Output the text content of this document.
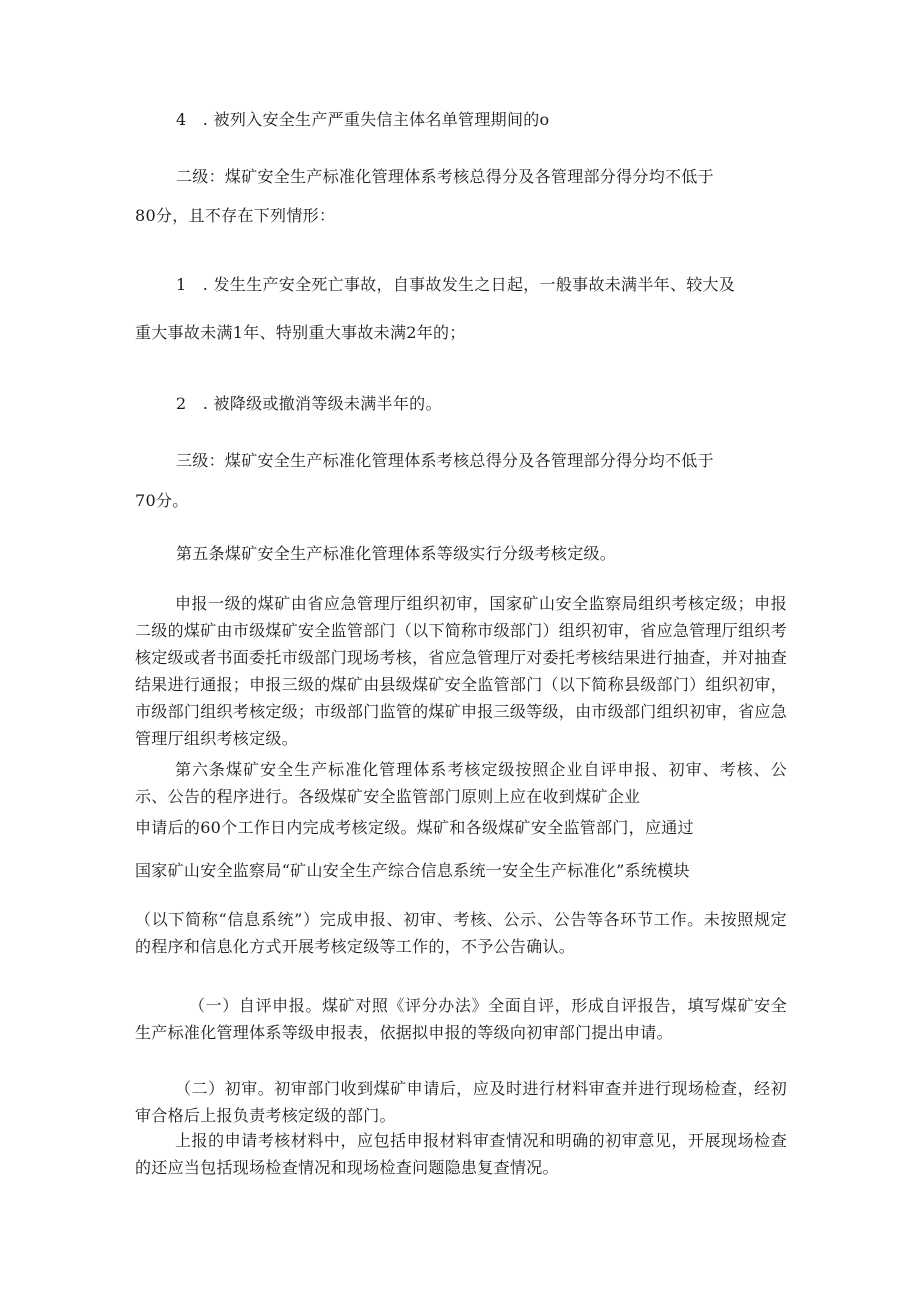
4　. 被列入安全生产严重失信主体名单管理期间的o
二级：煤矿安全生产标准化管理体系考核总得分及各管理部分得分均不低于
80分，且不存在下列情形：
1　. 发生生产安全死亡事故，自事故发生之日起，一般事故未满半年、较大及
重大事故未满1年、特别重大事故未满2年的；
2　. 被降级或撤消等级未满半年的。
三级：煤矿安全生产标准化管理体系考核总得分及各管理部分得分均不低于
70分。
第五条煤矿安全生产标准化管理体系等级实行分级考核定级。
申报一级的煤矿由省应急管理厅组织初审，国家矿山安全监察局组织考核定级；申报二级的煤矿由市级煤矿安全监管部门（以下简称市级部门）组织初审，省应急管理厅组织考核定级或者书面委托市级部门现场考核，省应急管理厅对委托考核结果进行抽查，并对抽查结果进行通报；申报三级的煤矿由县级煤矿安全监管部门（以下简称县级部门）组织初审，市级部门组织考核定级；市级部门监管的煤矿申报三级等级，由市级部门组织初审，省应急管理厅组织考核定级。
第六条煤矿安全生产标准化管理体系考核定级按照企业自评申报、初审、考核、公示、公告的程序进行。各级煤矿安全监管部门原则上应在收到煤矿企业
申请后的60个工作日内完成考核定级。煤矿和各级煤矿安全监管部门，应通过
国家矿山安全监察局“矿山安全生产综合信息系统一安全生产标准化”系统模块
（以下简称“信息系统”）完成申报、初审、考核、公示、公告等各环节工作。未按照规定的程序和信息化方式开展考核定级等工作的，不予公告确认。
（一）自评申报。煤矿对照《评分办法》全面自评，形成自评报告，填写煤矿安全生产标准化管理体系等级申报表，依据拟申报的等级向初审部门提出申请。
（二）初审。初审部门收到煤矿申请后，应及时进行材料审查并进行现场检查，经初审合格后上报负责考核定级的部门。
上报的申请考核材料中，应包括申报材料审查情况和明确的初审意见，开展现场检查的还应当包括现场检查情况和现场检查问题隐患复查情况。
